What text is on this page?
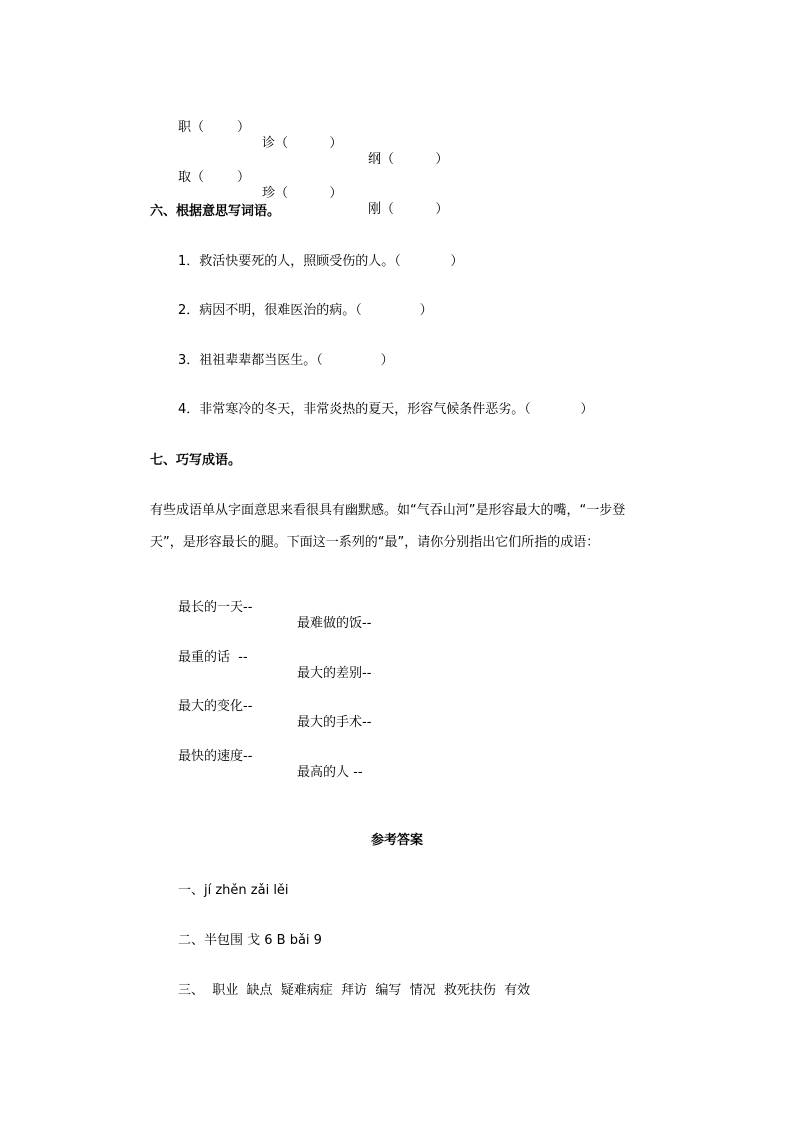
职（        ）

诊（          ）

纲（          ）

取（        ）

珍（          ）

刚（          ）

六、根据意思写词语。
1．救活快要死的人，照顾受伤的人。（            ）
2．病因不明，很难医治的病。（              ）
3．祖祖辈辈都当医生。（              ）
4．非常寒冷的冬天，非常炎热的夏天，形容气候条件恶劣。（            ）
七、巧写成语。
有些成语单从字面意思来看很具有幽默感。如“气吞山河”是形容最大的嘴，“一步登
天”，是形容最长的腿。下面这一系列的“最”，请你分别指出它们所指的成语：

最长的一天--

最难做的饭--

最重的话  --

最大的差别--

最大的变化--

最大的手术--

最快的速度--

最高的人 --

参考答案
一、jí zhěn zǎi lěi
二、半包围 戈 6 B bǎi 9
三、  职业  缺点  疑难病症  拜访  编写  情况  救死扶伤  有效
